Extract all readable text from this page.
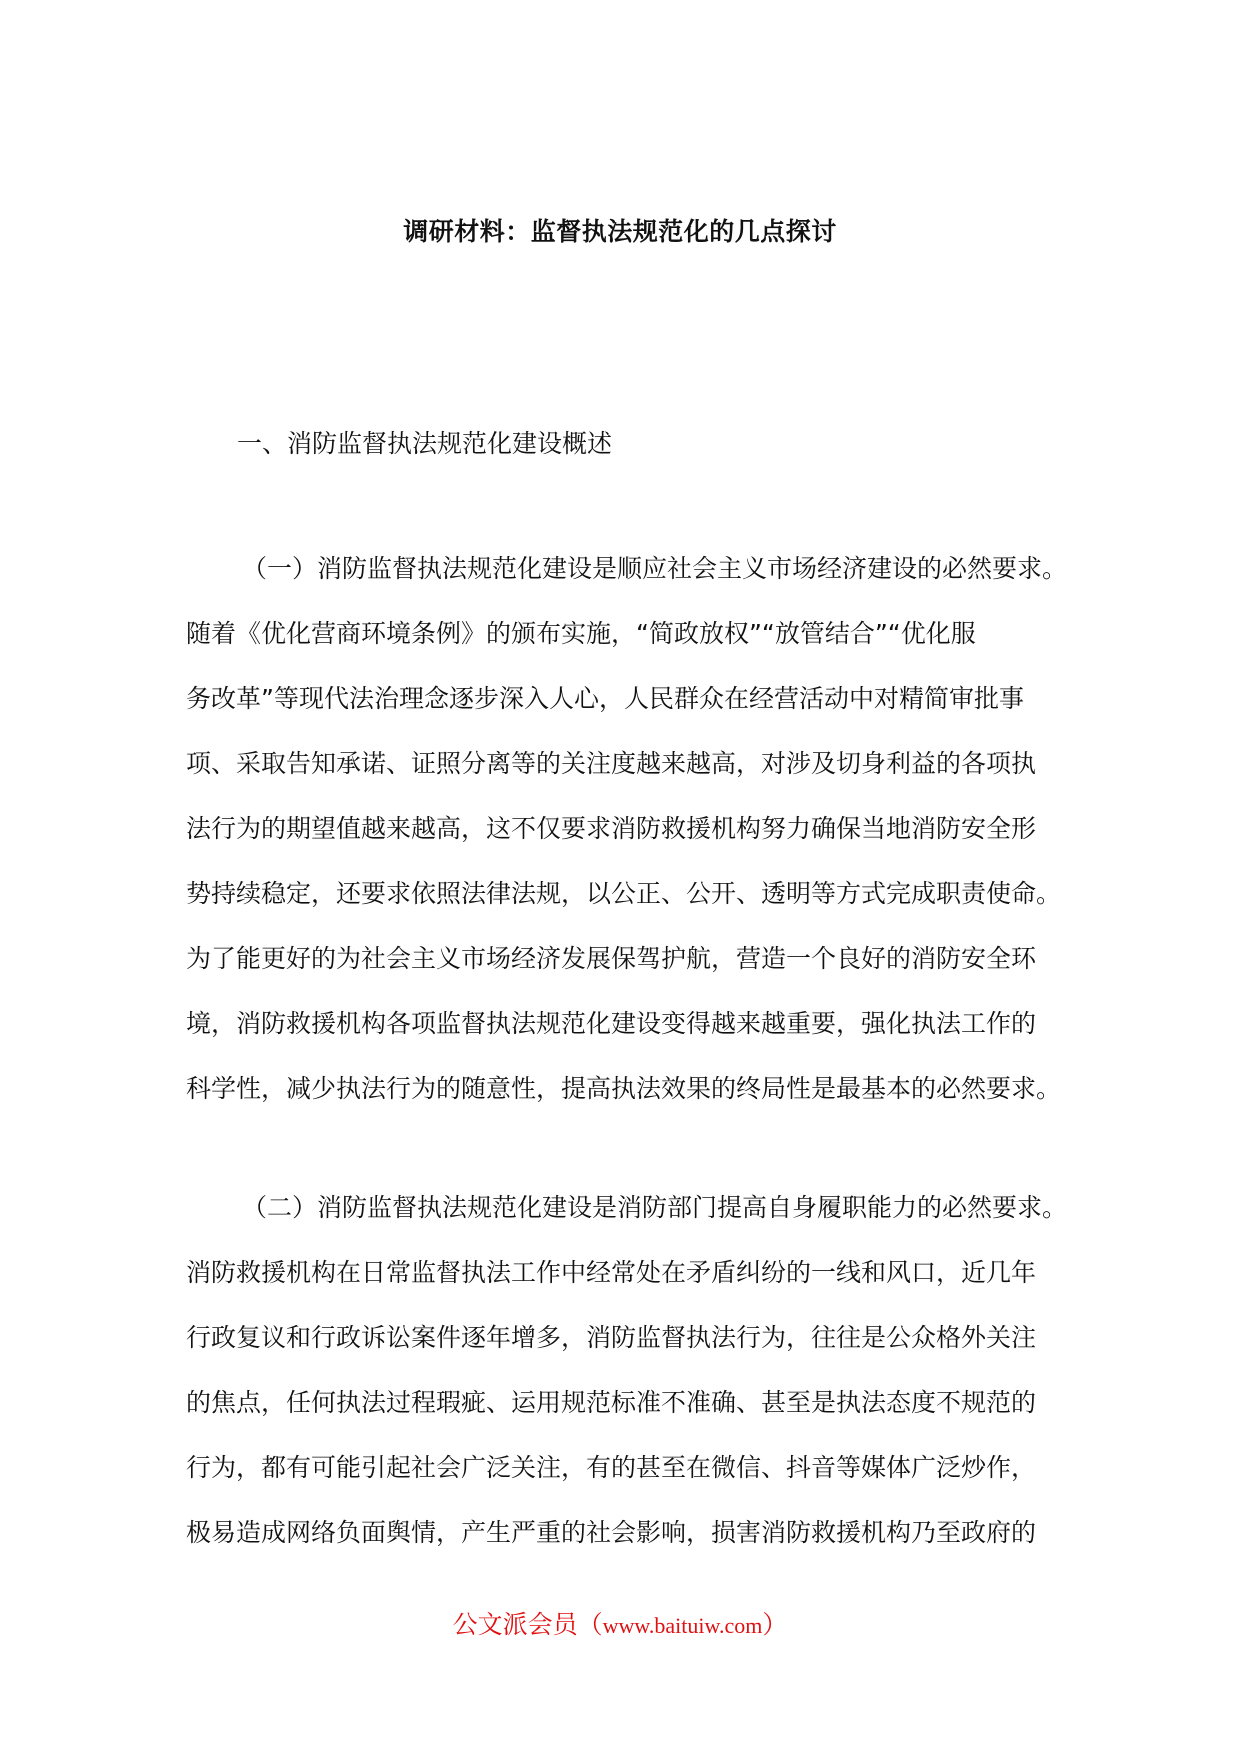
调研材料：监督执法规范化的几点探讨
一、消防监督执法规范化建设概述
（一）消防监督执法规范化建设是顺应社会主义市场经济建设的必然要求。
随着《优化营商环境条例》的颁布实施，“简政放权”“放管结合”“优化服
务改革”等现代法治理念逐步深入人心，人民群众在经营活动中对精简审批事
项、采取告知承诺、证照分离等的关注度越来越高，对涉及切身利益的各项执
法行为的期望值越来越高，这不仅要求消防救援机构努力确保当地消防安全形
势持续稳定，还要求依照法律法规，以公正、公开、透明等方式完成职责使命。
为了能更好的为社会主义市场经济发展保驾护航，营造一个良好的消防安全环
境，消防救援机构各项监督执法规范化建设变得越来越重要，强化执法工作的
科学性，减少执法行为的随意性，提高执法效果的终局性是最基本的必然要求。
（二）消防监督执法规范化建设是消防部门提高自身履职能力的必然要求。
消防救援机构在日常监督执法工作中经常处在矛盾纠纷的一线和风口，近几年
行政复议和行政诉讼案件逐年增多，消防监督执法行为，往往是公众格外关注
的焦点，任何执法过程瑕疵、运用规范标准不准确、甚至是执法态度不规范的
行为，都有可能引起社会广泛关注，有的甚至在微信、抖音等媒体广泛炒作，
极易造成网络负面舆情，产生严重的社会影响，损害消防救援机构乃至政府的
公文派会员（www.baituiw.com）
